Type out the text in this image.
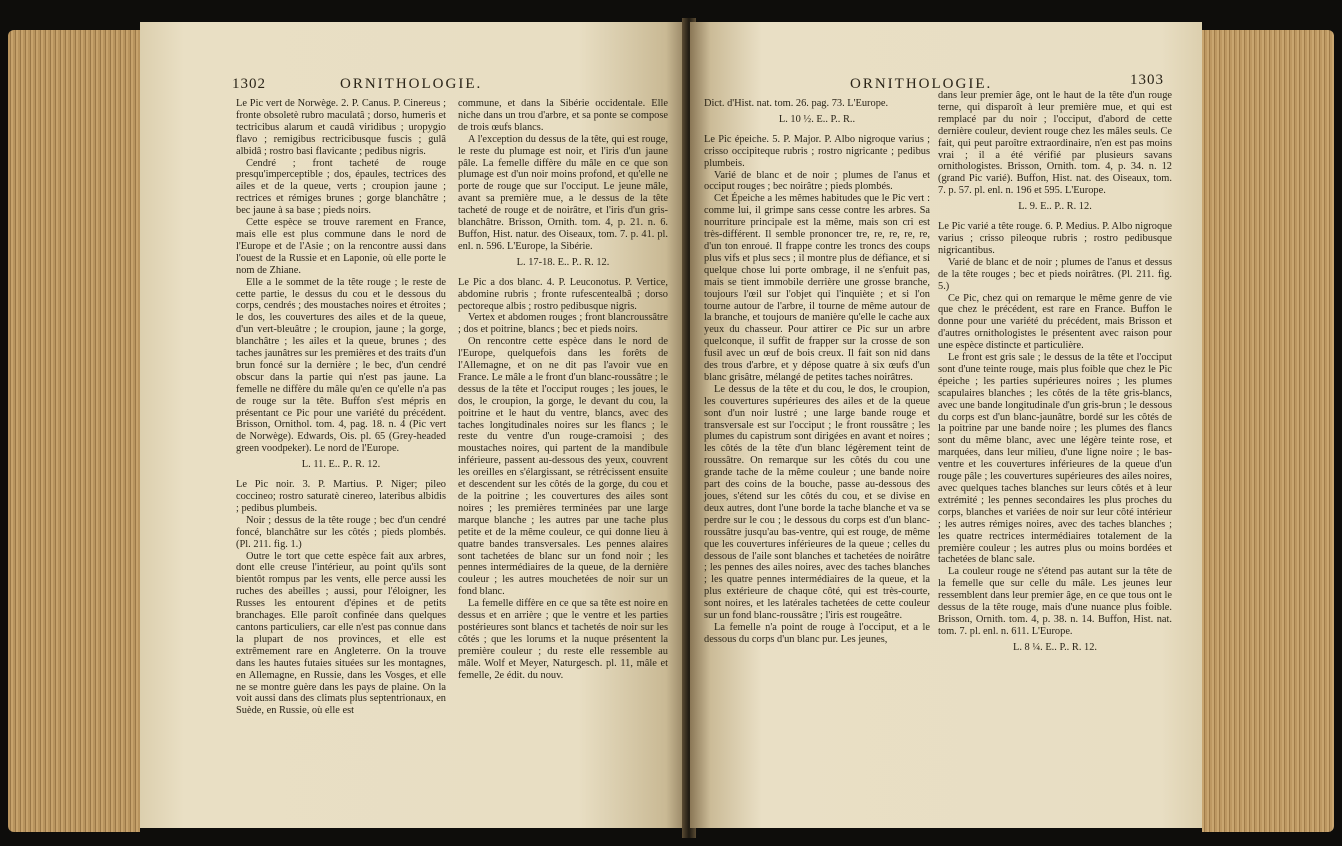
1302	ORNITHOLOGIE.

Le Pic vert de Norwège. 2. P. Canus. P. Cinereus ; fronte obsoletè rubro maculatâ ; dorso, humeris et tectricibus alarum et caudâ viridibus ; uropygio flavo ; remigibus rectricibusque fuscis ; gulâ albidâ ; rostro basi flavicante ; pedibus nigris.

Cendré ; front tacheté de rouge presqu'imperceptible ; dos, épaules, tectrices des ailes et de la queue, verts ; croupion jaune ; rectrices et rémiges brunes ; gorge blanchâtre ; bec jaune à sa base ; pieds noirs.

Cette espèce se trouve rarement en France, mais elle est plus commune dans le nord de l'Europe et de l'Asie ; on la rencontre aussi dans l'ouest de la Russie et en Laponie, où elle porte le nom de Zhiane.

Elle a le sommet de la tête rouge ; le reste de cette partie, le dessus du cou et le dessous du corps, cendrés ; des moustaches noires et étroites ; le dos, les couvertures des ailes et de la queue, d'un vert-bleuâtre ; le croupion, jaune ; la gorge, blanchâtre ; les ailes et la queue, brunes ; des taches jaunâtres sur les premières et des traits d'un brun foncé sur la dernière ; le bec, d'un cendré obscur dans la partie qui n'est pas jaune. La femelle ne diffère du mâle qu'en ce qu'elle n'a pas de rouge sur la tête. Buffon s'est mépris en présentant ce Pic pour une variété du précédent. Brisson, Ornithol. tom. 4, pag. 18. n. 4 (Pic vert de Norwège). Edwards, Ois. pl. 65 (Grey-headed green voodpeker). Le nord de l'Europe.

L. 11. E.. P.. R. 12.

Le Pic noir. 3. P. Martius. P. Niger; pileo coccineo; rostro saturatè cinereo, lateribus albidis ; pedibus plumbeis.

Noir ; dessus de la tête rouge ; bec d'un cendré foncé, blanchâtre sur les côtés ; pieds plombés. (Pl. 211. fig. 1.)

Outre le tort que cette espèce fait aux arbres, dont elle creuse l'intérieur, au point qu'ils sont bientôt rompus par les vents, elle perce aussi les ruches des abeilles ; aussi, pour l'éloigner, les Russes les entourent d'épines et de petits branchages. Elle paroît confinée dans quelques cantons particuliers, car elle n'est pas connue dans la plupart de nos provinces, et elle est extrêmement rare en Angleterre. On la trouve dans les hautes futaies situées sur les montagnes, en Allemagne, en Russie, dans les Vosges, et elle ne se montre guère dans les pays de plaine. On la voit aussi dans des climats plus septentrionaux, en Suède, en Russie, où elle est

commune, et dans la Sibérie occidentale. Elle niche dans un trou d'arbre, et sa ponte se compose de trois œufs blancs.

A l'exception du dessus de la tête, qui est rouge, le reste du plumage est noir, et l'iris d'un jaune pâle. La femelle diffère du mâle en ce que son plumage est d'un noir moins profond, et qu'elle ne porte de rouge que sur l'occiput. Le jeune mâle, avant sa première mue, a le dessus de la tête tacheté de rouge et de noirâtre, et l'iris d'un gris-blanchâtre. Brisson, Ornith. tom. 4, p. 21. n. 6. Buffon, Hist. natur. des Oiseaux, tom. 7. p. 41. pl. enl. n. 596. L'Europe, la Sibérie.

L. 17-18. E.. P.. R. 12.

Le Pic a dos blanc. 4. P. Leuconotus. P. Vertice, abdomine rubris ; fronte rufescentealbâ ; dorso pectoreque albis ; rostro pedibusque nigris.

Vertex et abdomen rouges ; front blancroussâtre ; dos et poitrine, blancs ; bec et pieds noirs.

On rencontre cette espèce dans le nord de l'Europe, quelquefois dans les forêts de l'Allemagne, et on ne dit pas l'avoir vue en France. Le mâle a le front d'un blanc-roussâtre ; le dessus de la tête et l'occiput rouges ; les joues, le dos, le croupion, la gorge, le devant du cou, la poitrine et le haut du ventre, blancs, avec des taches longitudinales noires sur les flancs ; le reste du ventre d'un rouge-cramoisi ; des moustaches noires, qui partent de la mandibule inférieure, passent au-dessous des yeux, couvrent les oreilles en s'élargissant, se rétrécissent ensuite et descendent sur les côtés de la gorge, du cou et de la poitrine ; les couvertures des ailes sont noires ; les premières terminées par une large marque blanche ; les autres par une tache plus petite et de la même couleur, ce qui donne lieu à quatre bandes transversales. Les pennes alaires sont tachetées de blanc sur un fond noir ; les pennes intermédiaires de la queue, de la dernière couleur ; les autres mouchetées de noir sur un fond blanc.

La femelle diffère en ce que sa tête est noire en dessus et en arrière ; que le ventre et les parties postérieures sont blancs et tachetés de noir sur les côtés ; que les lorums et la nuque présentent la première couleur ; du reste elle ressemble au mâle. Wolf et Meyer, Naturgesch. pl. 11, mâle et femelle, 2e édit. du nouv.

ORNITHOLOGIE.	1303

Dict. d'Hist. nat. tom. 26. pag. 73. L'Europe.

L. 10 ½. E.. P.. R..

Le Pic épeiche. 5. P. Major. P. Albo nigroque varius ; crisso occipiteque rubris ; rostro nigricante ; pedibus plumbeis.

Varié de blanc et de noir ; plumes de l'anus et occiput rouges ; bec noirâtre ; pieds plombés.

Cet Épeiche a les mêmes habitudes que le Pic vert : comme lui, il grimpe sans cesse contre les arbres. Sa nourriture principale est la même, mais son cri est très-différent. Il semble prononcer tre, re, re, re, re, d'un ton enroué. Il frappe contre les troncs des coups plus vifs et plus secs ; il montre plus de défiance, et si quelque chose lui porte ombrage, il ne s'enfuit pas, mais se tient immobile derrière une grosse branche, toujours l'œil sur l'objet qui l'inquiète ; et si l'on tourne autour de l'arbre, il tourne de même autour de la branche, et toujours de manière qu'elle le cache aux yeux du chasseur. Pour attirer ce Pic sur un arbre quelconque, il suffit de frapper sur la crosse de son fusil avec un œuf de bois creux. Il fait son nid dans des trous d'arbre, et y dépose quatre à six œufs d'un blanc grisâtre, mélangé de petites taches noirâtres.

Le dessus de la tête et du cou, le dos, le croupion, les couvertures supérieures des ailes et de la queue sont d'un noir lustré ; une large bande rouge et transversale est sur l'occiput ; le front roussâtre ; les plumes du capistrum sont dirigées en avant et noires ; les côtés de la tête d'un blanc légèrement teint de roussâtre. On remarque sur les côtés du cou une grande tache de la même couleur ; une bande noire part des coins de la bouche, passe au-dessous des joues, s'étend sur les côtés du cou, et se divise en deux autres, dont l'une borde la tache blanche et va se perdre sur le cou ; le dessous du corps est d'un blanc-roussâtre jusqu'au bas-ventre, qui est rouge, de même que les couvertures inférieures de la queue ; celles du dessous de l'aile sont blanches et tachetées de noirâtre ; les pennes des ailes noires, avec des taches blanches ; les quatre pennes intermédiaires de la queue, et la plus extérieure de chaque côté, qui est très-courte, sont noires, et les latérales tachetées de cette couleur sur un fond blanc-roussâtre ; l'iris est rougeâtre.

La femelle n'a point de rouge à l'occiput, et a le dessous du corps d'un blanc pur. Les jeunes,

dans leur premier âge, ont le haut de la tête d'un rouge terne, qui disparoît à leur première mue, et qui est remplacé par du noir ; l'occiput, d'abord de cette dernière couleur, devient rouge chez les mâles seuls. Ce fait, qui peut paroître extraordinaire, n'en est pas moins vrai ; il a été vérifié par plusieurs savans ornithologistes. Brisson, Ornith. tom. 4, p. 34. n. 12 (grand Pic varié). Buffon, Hist. nat. des Oiseaux, tom. 7. p. 57. pl. enl. n. 196 et 595. L'Europe.

L. 9. E.. P.. R. 12.

Le Pic varié a tête rouge. 6. P. Medius. P. Albo nigroque varius ; crisso pileoque rubris ; rostro pedibusque nigricantibus.

Varié de blanc et de noir ; plumes de l'anus et dessus de la tête rouges ; bec et pieds noirâtres. (Pl. 211. fig. 5.)

Ce Pic, chez qui on remarque le même genre de vie que chez le précédent, est rare en France. Buffon le donne pour une variété du précédent, mais Brisson et d'autres ornithologistes le présentent avec raison pour une espèce distincte et particulière.

Le front est gris sale ; le dessus de la tête et l'occiput sont d'une teinte rouge, mais plus foible que chez le Pic épeiche ; les parties supérieures noires ; les plumes scapulaires blanches ; les côtés de la tête gris-blancs, avec une bande longitudinale d'un gris-brun ; le dessous du corps est d'un blanc-jaunâtre, bordé sur les côtés de la poitrine par une bande noire ; les plumes des flancs sont du même blanc, avec une légère teinte rose, et marquées, dans leur milieu, d'une ligne noire ; le bas-ventre et les couvertures inférieures de la queue d'un rouge pâle ; les couvertures supérieures des ailes noires, avec quelques taches blanches sur leurs côtés et à leur extrémité ; les pennes secondaires les plus proches du corps, blanches et variées de noir sur leur côté intérieur ; les autres rémiges noires, avec des taches blanches ; les quatre rectrices intermédiaires totalement de la première couleur ; les autres plus ou moins bordées et tachetées de blanc sale.

La couleur rouge ne s'étend pas autant sur la tête de la femelle que sur celle du mâle. Les jeunes leur ressemblent dans leur premier âge, en ce que tous ont le dessus de la tête rouge, mais d'une nuance plus foible. Brisson, Ornith. tom. 4, p. 38. n. 14. Buffon, Hist. nat. tom. 7. pl. enl. n. 611. L'Europe.

L. 8 ¼. E.. P.. R. 12.
